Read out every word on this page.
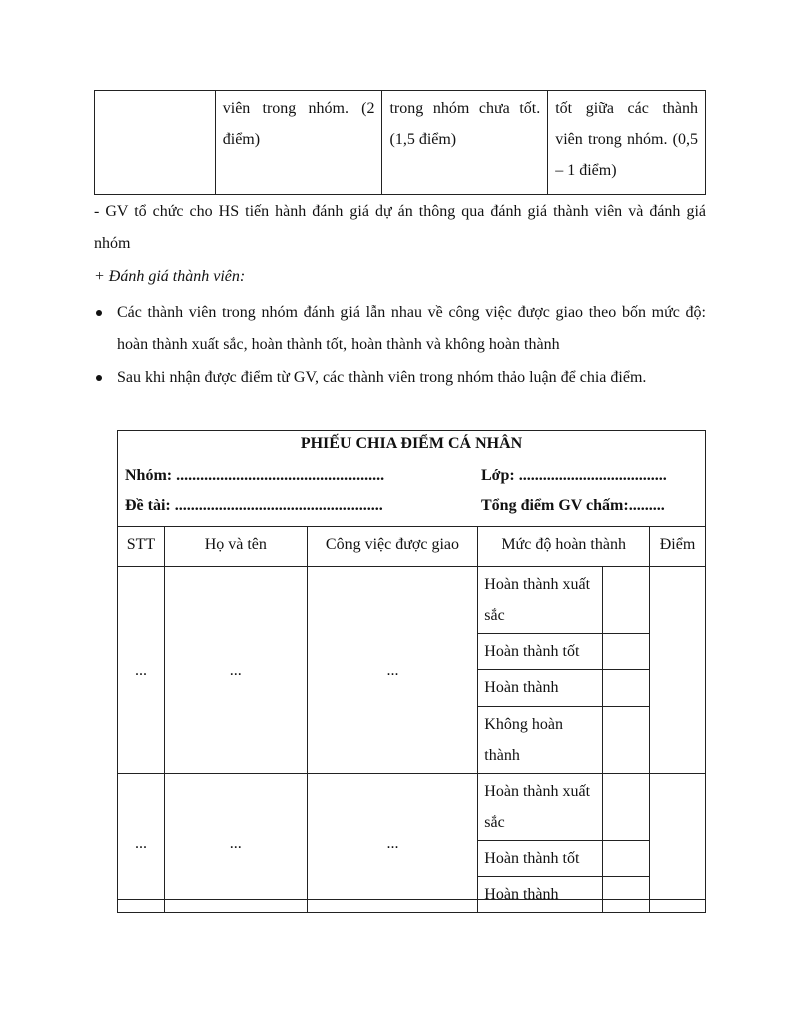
	viên trong nhóm. (2 điểm)	trong nhóm chưa tốt. (1,5 điểm)	tốt giữa các thành viên trong nhóm. (0,5 – 1 điểm)
- GV tổ chức cho HS tiến hành đánh giá dự án thông qua đánh giá thành viên và đánh giá nhóm
+ Đánh giá thành viên:
Các thành viên trong nhóm đánh giá lẫn nhau về công việc được giao theo bốn mức độ: hoàn thành xuất sắc, hoàn thành tốt, hoàn thành và không hoàn thành
Sau khi nhận được điểm từ GV, các thành viên trong nhóm thảo luận để chia điểm.
PHIẾU CHIA ĐIỂM CÁ NHÂN
Nhóm: ....................................................	Lớp: .....................................
Đề tài: ....................................................	Tổng điểm GV chấm:.........
STT	Họ và tên	Công việc được giao	Mức độ hoàn thành		Điểm
...	...	...	Hoàn thành xuất sắc		
			Hoàn thành tốt		
			Hoàn thành		
			Không hoàn thành		
...	...	...	Hoàn thành xuất sắc		
			Hoàn thành tốt		
			Hoàn thành		
